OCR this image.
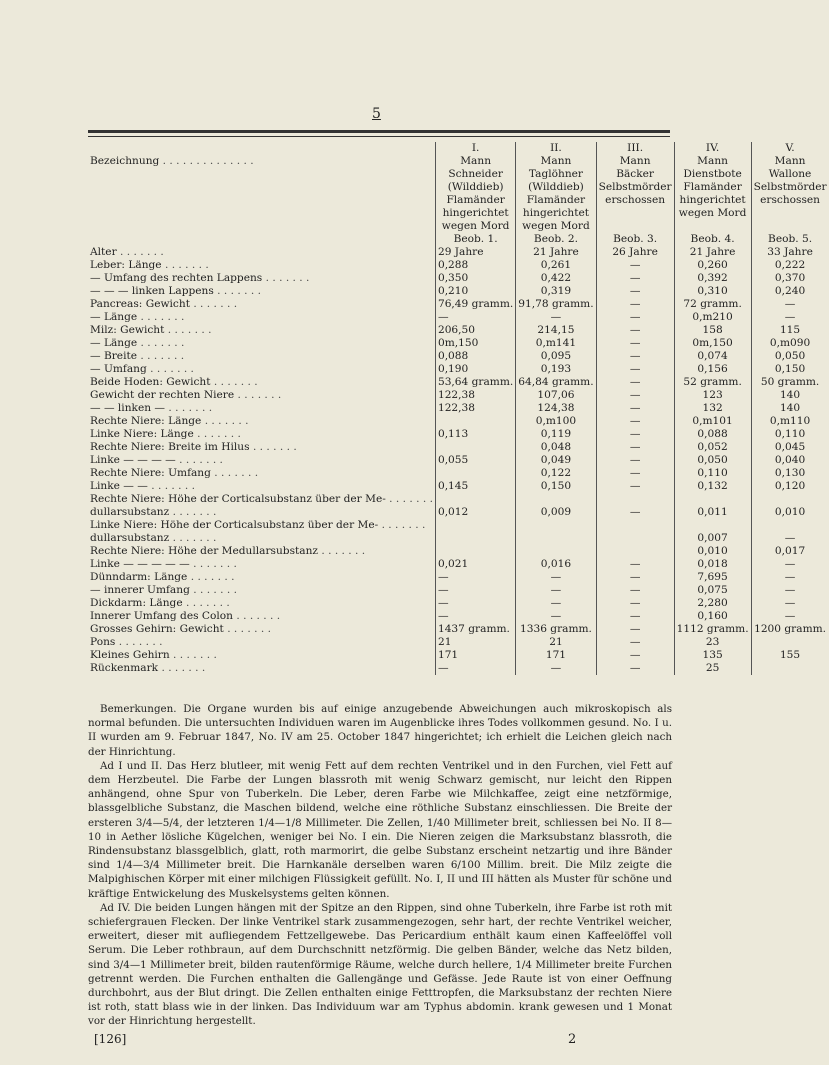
5
	I.	II.	III.	IV.	V.
Bezeichnung . . . . . . . . . . . . . .	Mann	Mann	Mann	Mann	Mann
	Schneider	Taglöhner	Bäcker	Dienstbote	Wallone
	(Wilddieb)	(Wilddieb)	Selbstmörder	Flamänder	Selbstmörder
	Flamänder	Flamänder	erschossen	hingerichtet	erschossen
	hingerichtet	hingerichtet		wegen Mord	
	wegen Mord	wegen Mord			
	Beob. 1.	Beob. 2.	Beob. 3.	Beob. 4.	Beob. 5.
Alter . . . . . . .	29 Jahre	21 Jahre	26 Jahre	21 Jahre	33 Jahre
Leber: Länge . . . . . . .	0,288	0,261	—	0,260	0,222
— Umfang des rechten Lappens . . . . . . .	0,350	0,422	—	0,392	0,370
— — — linken Lappens . . . . . . .	0,210	0,319	—	0,310	0,240
Pancreas: Gewicht . . . . . . .	76,49 gramm.	91,78 gramm.	—	72 gramm.	—
— Länge . . . . . . .	—	—	—	0,m210	—
Milz: Gewicht . . . . . . .	206,50	214,15	—	158	115
— Länge . . . . . . .	0m,150	0,m141	—	0m,150	0,m090
— Breite . . . . . . .	0,088	0,095	—	0,074	0,050
— Umfang . . . . . . .	0,190	0,193	—	0,156	0,150
Beide Hoden: Gewicht . . . . . . .	53,64 gramm.	64,84 gramm.	—	52 gramm.	50 gramm.
Gewicht der rechten Niere . . . . . . .	122,38	107,06	—	123	140
— — linken — . . . . . . .	122,38	124,38	—	132	140
Rechte Niere: Länge . . . . . . .		0,m100	—	0,m101	0,m110
Linke Niere: Länge . . . . . . .	0,113	0,119	—	0,088	0,110
Rechte Niere: Breite im Hilus . . . . . . .		0,048	—	0,052	0,045
Linke — — — — . . . . . . .	0,055	0,049	—	0,050	0,040
Rechte Niere: Umfang . . . . . . .		0,122	—	0,110	0,130
Linke — — . . . . . . .	0,145	0,150	—	0,132	0,120
Rechte Niere: Höhe der Corticalsubstanz über der Me- . . . . . . .					
dullarsubstanz . . . . . . .	0,012	0,009	—	0,011	0,010
Linke Niere: Höhe der Corticalsubstanz über der Me- . . . . . . .					
dullarsubstanz . . . . . . .				0,007	—
Rechte Niere: Höhe der Medullarsubstanz . . . . . . .				0,010	0,017
Linke — — — — — . . . . . . .	0,021	0,016	—	0,018	—
Dünndarm: Länge . . . . . . .	—	—	—	7,695	—
— innerer Umfang . . . . . . .	—	—	—	0,075	—
Dickdarm: Länge . . . . . . .	—	—	—	2,280	—
Innerer Umfang des Colon . . . . . . .	—	—	—	0,160	—
Grosses Gehirn: Gewicht . . . . . . .	1437 gramm.	1336 gramm.	—	1112 gramm.	1200 gramm.
Pons . . . . . . .	21	21	—	23	
Kleines Gehirn . . . . . . .	171	171	—	135	155
Rückenmark . . . . . . .	—	—	—	25	

Bemerkungen. Die Organe wurden bis auf einige anzugebende Abweichungen auch mikroskopisch als normal befunden. Die untersuchten Individuen waren im Augenblicke ihres Todes vollkommen gesund. No. I u. II wurden am 9. Februar 1847, No. IV am 25. October 1847 hingerichtet; ich erhielt die Leichen gleich nach der Hinrichtung.

Ad I und II. Das Herz blutleer, mit wenig Fett auf dem rechten Ventrikel und in den Furchen, viel Fett auf dem Herzbeutel. Die Farbe der Lungen blassroth mit wenig Schwarz gemischt, nur leicht den Rippen anhängend, ohne Spur von Tuberkeln. Die Leber, deren Farbe wie Milchkaffee, zeigt eine netzförmige, blassgelbliche Substanz, die Maschen bildend, welche eine röthliche Substanz einschliessen. Die Breite der ersteren 3/4—5/4, der letzteren 1/4—1/8 Millimeter. Die Zellen, 1/40 Millimeter breit, schliessen bei No. II 8—10 in Aether lösliche Kügelchen, weniger bei No. I ein. Die Nieren zeigen die Marksubstanz blassroth, die Rindensubstanz blassgelblich, glatt, roth marmorirt, die gelbe Substanz erscheint netzartig und ihre Bänder sind 1/4—3/4 Millimeter breit. Die Harnkanäle derselben waren 6/100 Millim. breit. Die Milz zeigte die Malpighischen Körper mit einer milchigen Flüssigkeit gefüllt. No. I, II und III hätten als Muster für schöne und kräftige Entwickelung des Muskelsystems gelten können.

Ad IV. Die beiden Lungen hängen mit der Spitze an den Rippen, sind ohne Tuberkeln, ihre Farbe ist roth mit schiefergrauen Flecken. Der linke Ventrikel stark zusammengezogen, sehr hart, der rechte Ventrikel weicher, erweitert, dieser mit aufliegendem Fettzellgewebe. Das Pericardium enthält kaum einen Kaffeelöffel voll Serum. Die Leber rothbraun, auf dem Durchschnitt netzförmig. Die gelben Bänder, welche das Netz bilden, sind 3/4—1 Millimeter breit, bilden rautenförmige Räume, welche durch hellere, 1/4 Millimeter breite Furchen getrennt werden. Die Furchen enthalten die Gallengänge und Gefässe. Jede Raute ist von einer Oeffnung durchbohrt, aus der Blut dringt. Die Zellen enthalten einige Fetttropfen, die Marksubstanz der rechten Niere ist roth, statt blass wie in der linken. Das Individuum war am Typhus abdomin. krank gewesen und 1 Monat vor der Hinrichtung hergestellt.

[126]	2
